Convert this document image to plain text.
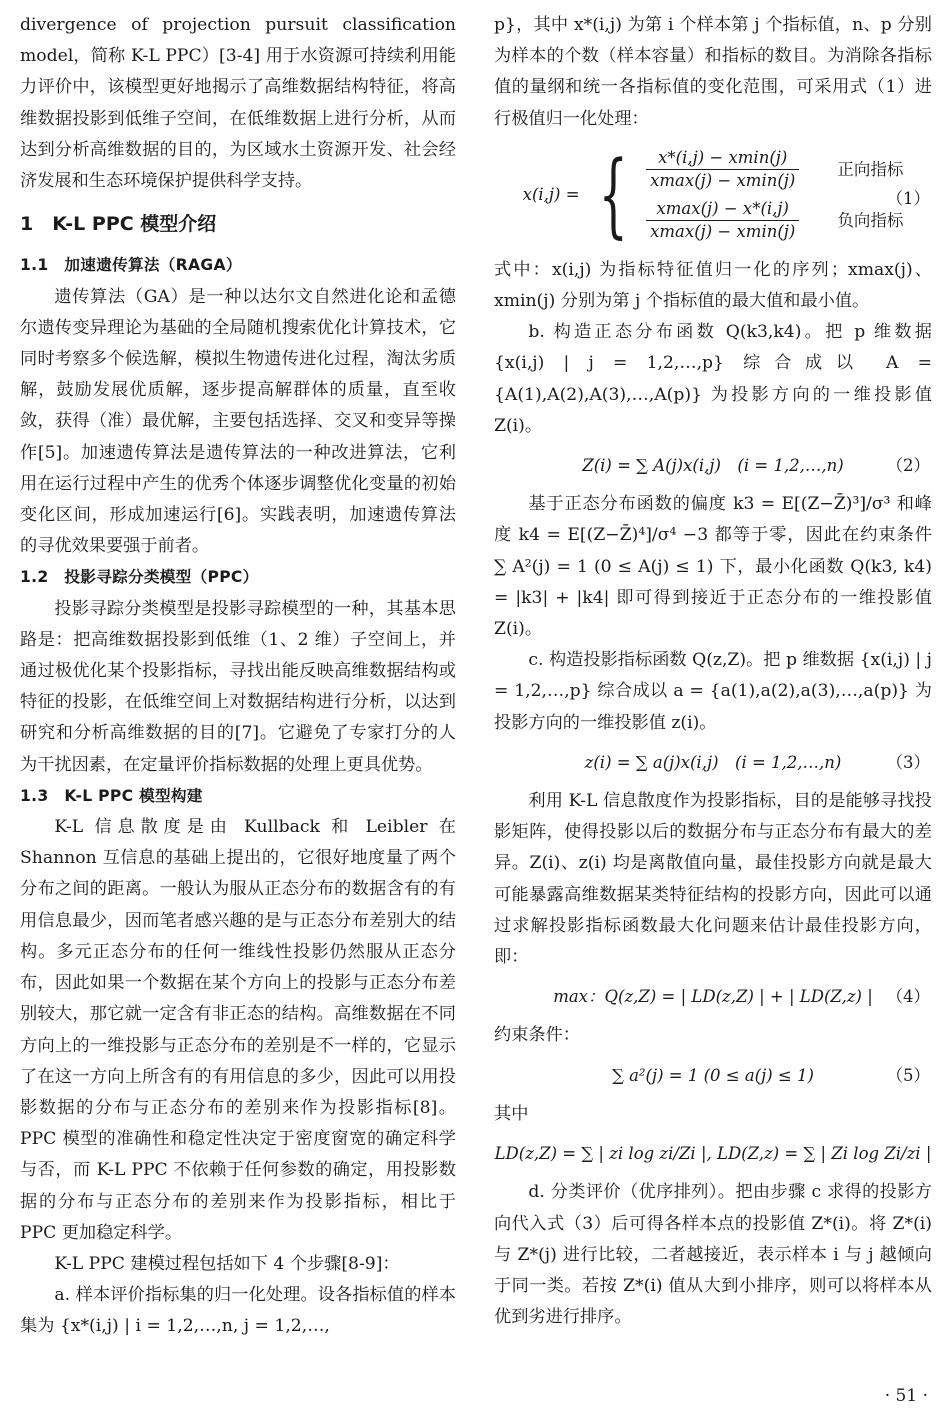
divergence of projection pursuit classification model，简称 K-L PPC）[3-4] 用于水资源可持续利用能力评价中，该模型更好地揭示了高维数据结构特征，将高维数据投影到低维子空间，在低维数据上进行分析，从而达到分析高维数据的目的，为区域水土资源开发、社会经济发展和生态环境保护提供科学支持。

1　K-L PPC 模型介绍
1.1　加速遗传算法（RAGA）

遗传算法（GA）是一种以达尔文自然进化论和孟德尔遗传变异理论为基础的全局随机搜索优化计算技术，它同时考察多个候选解，模拟生物遗传进化过程，淘汰劣质解，鼓励发展优质解，逐步提高解群体的质量，直至收敛，获得（准）最优解，主要包括选择、交叉和变异等操作[5]。加速遗传算法是遗传算法的一种改进算法，它利用在运行过程中产生的优秀个体逐步调整优化变量的初始变化区间，形成加速运行[6]。实践表明，加速遗传算法的寻优效果要强于前者。

1.2　投影寻踪分类模型（PPC）

投影寻踪分类模型是投影寻踪模型的一种，其基本思路是：把高维数据投影到低维（1、2 维）子空间上，并通过极优化某个投影指标，寻找出能反映高维数据结构或特征的投影，在低维空间上对数据结构进行分析，以达到研究和分析高维数据的目的[7]。它避免了专家打分的人为干扰因素，在定量评价指标数据的处理上更具优势。

1.3　K-L PPC 模型构建

K-L 信息散度是由 Kullback 和 Leibler 在 Shannon 互信息的基础上提出的，它很好地度量了两个分布之间的距离。一般认为服从正态分布的数据含有的有用信息最少，因而笔者感兴趣的是与正态分布差别大的结构。多元正态分布的任何一维线性投影仍然服从正态分布，因此如果一个数据在某个方向上的投影与正态分布差别较大，那它就一定含有非正态的结构。高维数据在不同方向上的一维投影与正态分布的差别是不一样的，它显示了在这一方向上所含有的有用信息的多少，因此可以用投影数据的分布与正态分布的差别来作为投影指标[8]。PPC 模型的准确性和稳定性决定于密度窗宽的确定科学与否，而 K-L PPC 不依赖于任何参数的确定，用投影数据的分布与正态分布的差别来作为投影指标，相比于 PPC 更加稳定科学。

K-L PPC 建模过程包括如下 4 个步骤[8-9]：

a. 样本评价指标集的归一化处理。设各指标值的样本集为 {x*(i,j) | i = 1,2,…,n, j = 1,2,…,

p}，其中 x*(i,j) 为第 i 个样本第 j 个指标值，n、p 分别为样本的个数（样本容量）和指标的数目。为消除各指标值的量纲和统一各指标值的变化范围，可采用式（1）进行极值归一化处理：

x(i,j) = { $\frac{x*(i,j) - xmin(j)}{xmax(j) - xmin(j)}$ 正向指标
$\frac{xmax(j) - x*(i,j)}{xmax(j) - xmin(j)}$ 负向指标
（1）

式中：x(i,j) 为指标特征值归一化的序列；xmax(j)、xmin(j) 分别为第 j 个指标值的最大值和最小值。

b. 构造正态分布函数 Q(k3,k4)。把 p 维数据 {x(i,j) | j = 1,2,…,p} 综合成以 A = {A(1),A(2),A(3),…,A(p)} 为投影方向的一维投影值 Z(i)。

Z(i) = ∑ A(j)x(i,j)　(i = 1,2,…,n)	（2）

基于正态分布函数的偏度 k3 = E[(Z−Z̄)³]/σ³ 和峰度 k4 = E[(Z−Z̄)⁴]/σ⁴ −3 都等于零，因此在约束条件 ∑ A²(j) = 1 (0 ≤ A(j) ≤ 1) 下，最小化函数 Q(k3, k4) = |k3| + |k4| 即可得到接近于正态分布的一维投影值 Z(i)。

c. 构造投影指标函数 Q(z,Z)。把 p 维数据 {x(i,j) | j = 1,2,…,p} 综合成以 a = {a(1),a(2),a(3),…,a(p)} 为投影方向的一维投影值 z(i)。

z(i) = ∑ a(j)x(i,j)　(i = 1,2,…,n)	（3）

利用 K-L 信息散度作为投影指标，目的是能够寻找投影矩阵，使得投影以后的数据分布与正态分布有最大的差异。Z(i)、z(i) 均是离散值向量，最佳投影方向就是最大可能暴露高维数据某类特征结构的投影方向，因此可以通过求解投影指标函数最大化问题来估计最佳投影方向，即：

max：Q(z,Z) = | LD(z,Z) | + | LD(Z,z) | （4）

约束条件：

∑ a²(j) = 1 (0 ≤ a(j) ≤ 1)	（5）

其中

LD(z,Z) = ∑ | zi log zi/Zi |, LD(Z,z) = ∑ | Zi log Zi/zi |

d. 分类评价（优序排列）。把由步骤 c 求得的投影方向代入式（3）后可得各样本点的投影值 Z*(i)。将 Z*(i) 与 Z*(j) 进行比较，二者越接近，表示样本 i 与 j 越倾向于同一类。若按 Z*(i) 值从大到小排序，则可以将样本从优到劣进行排序。

· 51 ·
